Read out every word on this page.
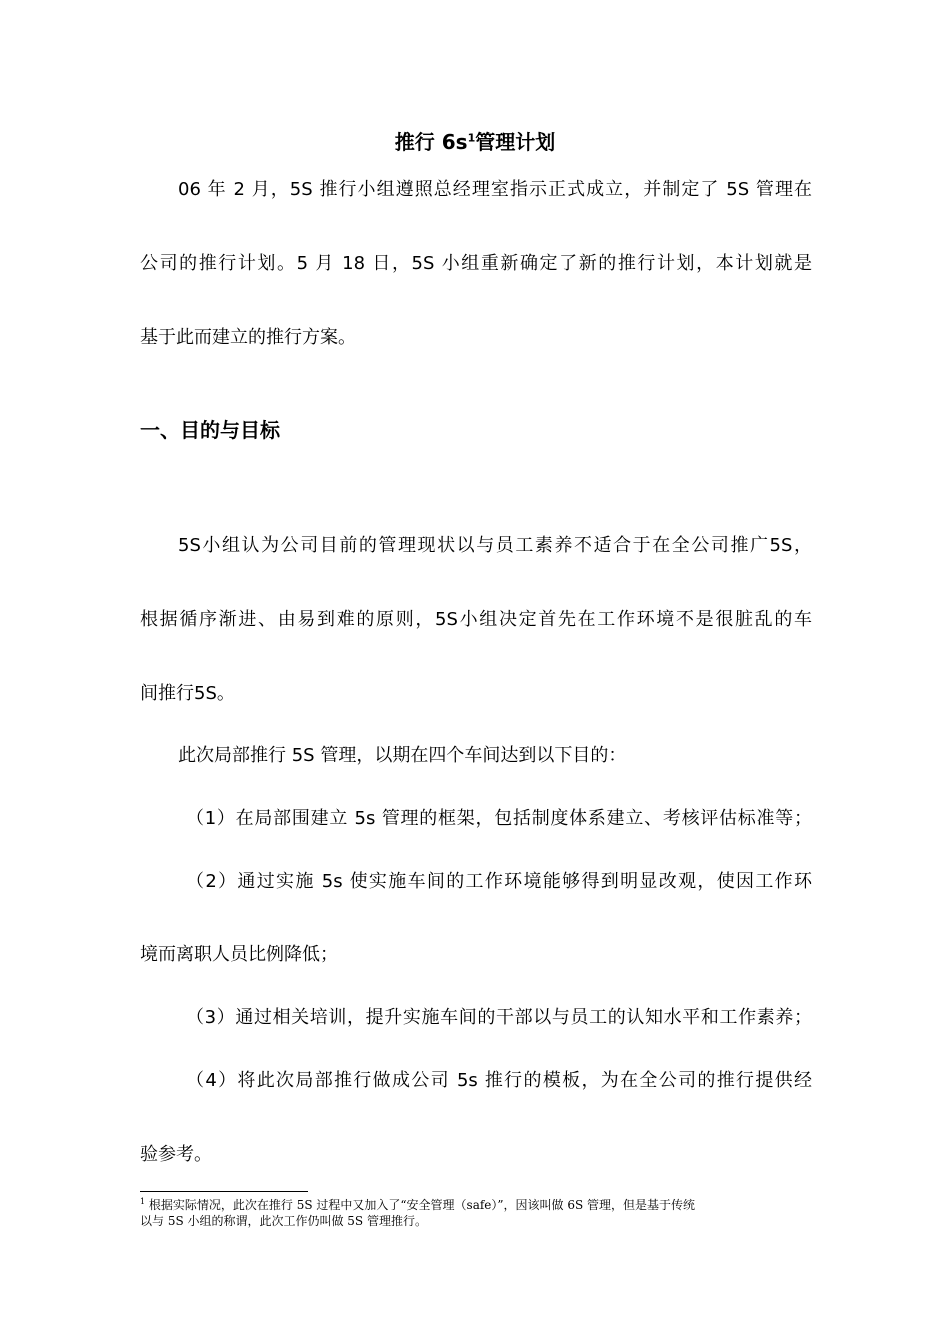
推行 $6s^1$管理计划
06 年 2 月，5S 推行小组遵照总经理室指示正式成立，并制定了 5S 管理在
公司的推行计划。5 月 18 日，5S 小组重新确定了新的推行计划，本计划就是
基于此而建立的推行方案。
一、目的与目标
5S小组认为公司目前的管理现状以与员工素养不适合于在全公司推广5S，
根据循序渐进、由易到难的原则，5S小组决定首先在工作环境不是很脏乱的车
间推行5S。
此次局部推行 5S 管理，以期在四个车间达到以下目的：
（1）在局部围建立 5s 管理的框架，包括制度体系建立、考核评估标准等；
（2）通过实施 5s 使实施车间的工作环境能够得到明显改观，使因工作环
境而离职人员比例降低；
（3）通过相关培训，提升实施车间的干部以与员工的认知水平和工作素养；
（4）将此次局部推行做成公司 5s 推行的模板，为在全公司的推行提供经
验参考。
$^1$ 根据实际情况，此次在推行 5S 过程中又加入了“安全管理（safe）”，因该叫做 6S 管理，但是基于传统
以与 5S 小组的称谓，此次工作仍叫做 5S 管理推行。
